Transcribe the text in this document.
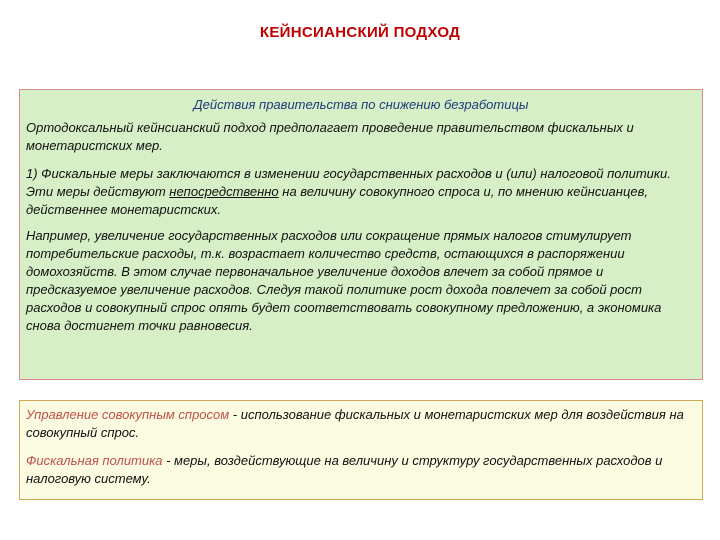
КЕЙНСИАНСКИЙ ПОДХОД
Действия правительства по снижению безработицы

Ортодоксальный кейнсианский подход предполагает проведение правительством фискальных и монетаристских мер.

1) Фискальные меры заключаются в изменении государственных расходов и (или) налоговой политики. Эти меры действуют непосредственно на величину совокупного спроса и, по мнению кейнсианцев, действеннее монетаристских.

Например, увеличение государственных расходов или сокращение прямых налогов стимулирует потребительские расходы, т.к. возрастает количество средств, остающихся в распоряжении домохозяйств. В этом случае первоначальное увеличение доходов влечет за собой прямое и предсказуемое увеличение расходов. Следуя такой политике рост дохода повлечет за собой рост расходов и совокупный спрос опять будет соответствовать совокупному предложению, а экономика снова достигнет точки равновесия.

Управление совокупным спросом - использование фискальных и монетаристских мер для воздействия на совокупный спрос.

Фискальная политика - меры, воздействующие на величину и структуру государственных расходов и налоговую систему.
